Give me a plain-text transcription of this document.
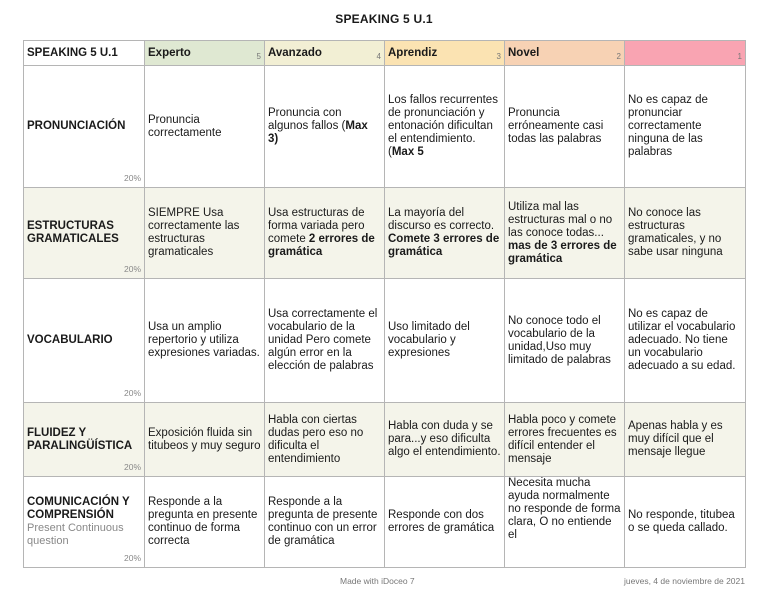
SPEAKING 5 U.1
SPEAKING 5 U.1	Experto 5	Avanzado 4	Aprendiz 3	Novel 2	1

PRONUNCIACIÓN
20%	Pronuncia correctamente	Pronuncia con algunos fallos (Max 3)	Los fallos recurrentes de pronunciación y entonación dificultan el entendimiento. (Max 5	Pronuncia erróneamente casi todas las palabras	No es capaz de pronunciar correctamente ninguna de las palabras

ESTRUCTURAS GRAMATICALES
20%	SIEMPRE Usa correctamente las estructuras gramaticales	Usa estructuras de forma variada pero comete 2 errores de gramática	La mayoría del discurso es correcto. Comete 3 errores de gramática	Utiliza mal las estructuras mal o no las conoce todas... mas de 3 errores de gramática	No conoce las estructuras gramaticales, y no sabe usar ninguna

VOCABULARIO
20%	Usa un amplio repertorio y utiliza expresiones variadas.	Usa correctamente el vocabulario de la unidad Pero comete algún error en la elección de palabras	Uso limitado del vocabulario y expresiones	No conoce todo el vocabulario de la unidad,Uso muy limitado de palabras	No es capaz de utilizar el vocabulario adecuado. No tiene un vocabulario adecuado a su edad.

FLUIDEZ Y PARALINGÜÍSTICA
20%	Exposición fluida sin titubeos y muy seguro	Habla con ciertas dudas pero eso no dificulta el entendimiento	Habla con duda y se para...y eso dificulta algo el entendimiento.	Habla poco y comete errores frecuentes es difícil entender el mensaje	Apenas habla y es muy difícil que el mensaje llegue

COMUNICACIÓN Y COMPRENSIÓN
Present Continuous question
20%	Responde a la pregunta en presente continuo de forma correcta	Responde a la pregunta de presente continuo con un error de gramática	Responde con dos errores de gramática	Necesita mucha ayuda normalmente no responde de forma clara, O no entiende el	No responde, titubea o se queda callado.
Made with iDoceo 7	jueves, 4 de noviembre de 2021
